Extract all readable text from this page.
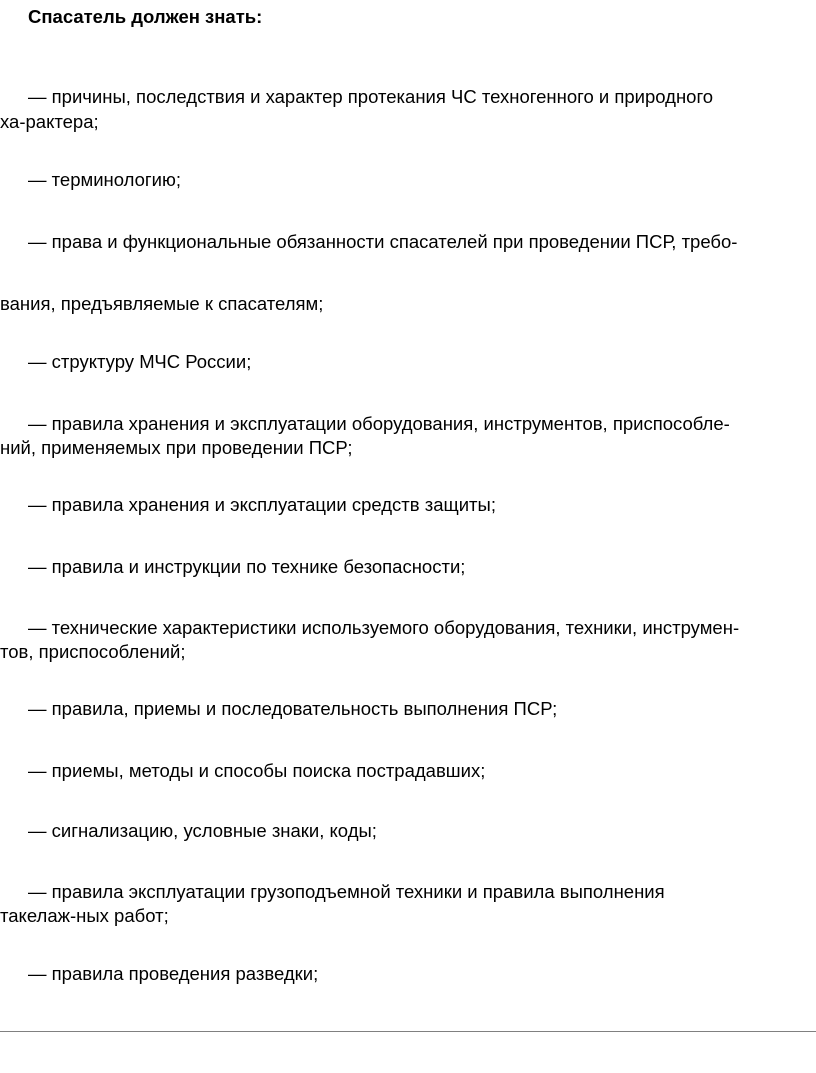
Спасатель должен знать:

— причины, последствия и характер протекания ЧС техногенного и природного

ха-рактера;

— терминологию;

— права и функциональные обязанности спасателей при проведении ПСР, требо-

вания, предъявляемые к спасателям;

— структуру МЧС России;

— правила хранения и эксплуатации оборудования, инструментов, приспособле-

ний, применяемых при проведении ПСР;

— правила хранения и эксплуатации средств защиты;

— правила и инструкции по технике безопасности;

— технические характеристики используемого оборудования, техники, инструмен-

тов, приспособлений;

— правила, приемы и последовательность выполнения ПСР;

— приемы, методы и способы поиска пострадавших;

— сигнализацию, условные знаки, коды;

— правила эксплуатации грузоподъемной техники и правила выполнения

такелаж-ных работ;

— правила проведения разведки;
